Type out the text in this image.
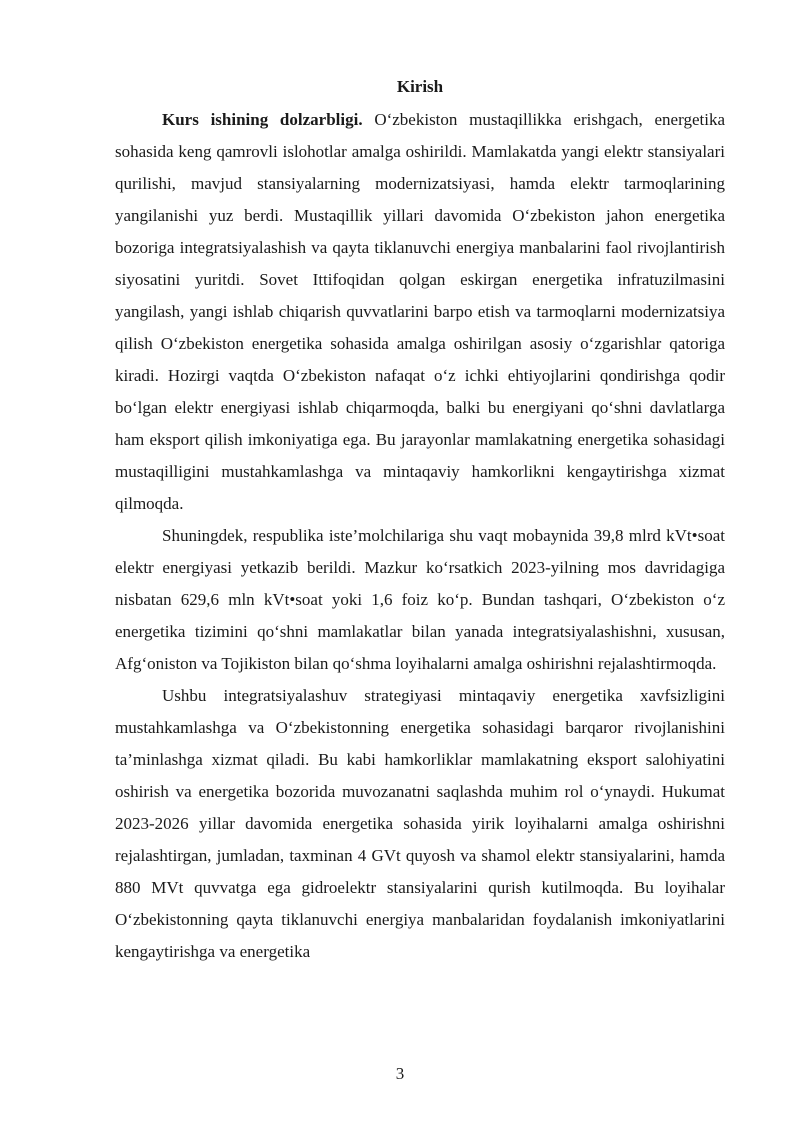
Kirish

Kurs ishining dolzarbligi. O‘zbekiston mustaqillikka erishgach, energetika sohasida keng qamrovli islohotlar amalga oshirildi. Mamlakatda yangi elektr stansiyalari qurilishi, mavjud stansiyalarning modernizatsiyasi, hamda elektr tarmoqlarining yangilanishi yuz berdi. Mustaqillik yillari davomida O‘zbekiston jahon energetika bozoriga integratsiyalashish va qayta tiklanuvchi energiya manbalarini faol rivojlantirish siyosatini yuritdi. Sovet Ittifoqidan qolgan eskirgan energetika infratuzilmasini yangilash, yangi ishlab chiqarish quvvatlarini barpo etish va tarmoqlarni modernizatsiya qilish O‘zbekiston energetika sohasida amalga oshirilgan asosiy o‘zgarishlar qatoriga kiradi. Hozirgi vaqtda O‘zbekiston nafaqat o‘z ichki ehtiyojlarini qondirishga qodir bo‘lgan elektr energiyasi ishlab chiqarmoqda, balki bu energiyani qo‘shni davlatlarga ham eksport qilish imkoniyatiga ega. Bu jarayonlar mamlakatning energetika sohasidagi mustaqilligini mustahkamlashga va mintaqaviy hamkorlikni kengaytirishga xizmat qilmoqda.

Shuningdek, respublika iste’molchilariga shu vaqt mobaynida 39,8 mlrd kVt•soat elektr energiyasi yetkazib berildi. Mazkur ko‘rsatkich 2023-yilning mos davridagiga nisbatan 629,6 mln kVt•soat yoki 1,6 foiz ko‘p. Bundan tashqari, O‘zbekiston o‘z energetika tizimini qo‘shni mamlakatlar bilan yanada integratsiyalashishni, xususan, Afg‘oniston va Tojikiston bilan qo‘shma loyihalarni amalga oshirishni rejalashtirmoqda.

Ushbu integratsiyalashuv strategiyasi mintaqaviy energetika xavfsizligini mustahkamlashga va O‘zbekistonning energetika sohasidagi barqaror rivojlanishini ta’minlashga xizmat qiladi. Bu kabi hamkorliklar mamlakatning eksport salohiyatini oshirish va energetika bozorida muvozanatni saqlashda muhim rol o‘ynaydi. Hukumat 2023-2026 yillar davomida energetika sohasida yirik loyihalarni amalga oshirishni rejalashtirgan, jumladan, taxminan 4 GVt quyosh va shamol elektr stansiyalarini, hamda 880 MVt quvvatga ega gidroelektr stansiyalarini qurish kutilmoqda. Bu loyihalar O‘zbekistonning qayta tiklanuvchi energiya manbalaridan foydalanish imkoniyatlarini kengaytirishga va energetika

3
